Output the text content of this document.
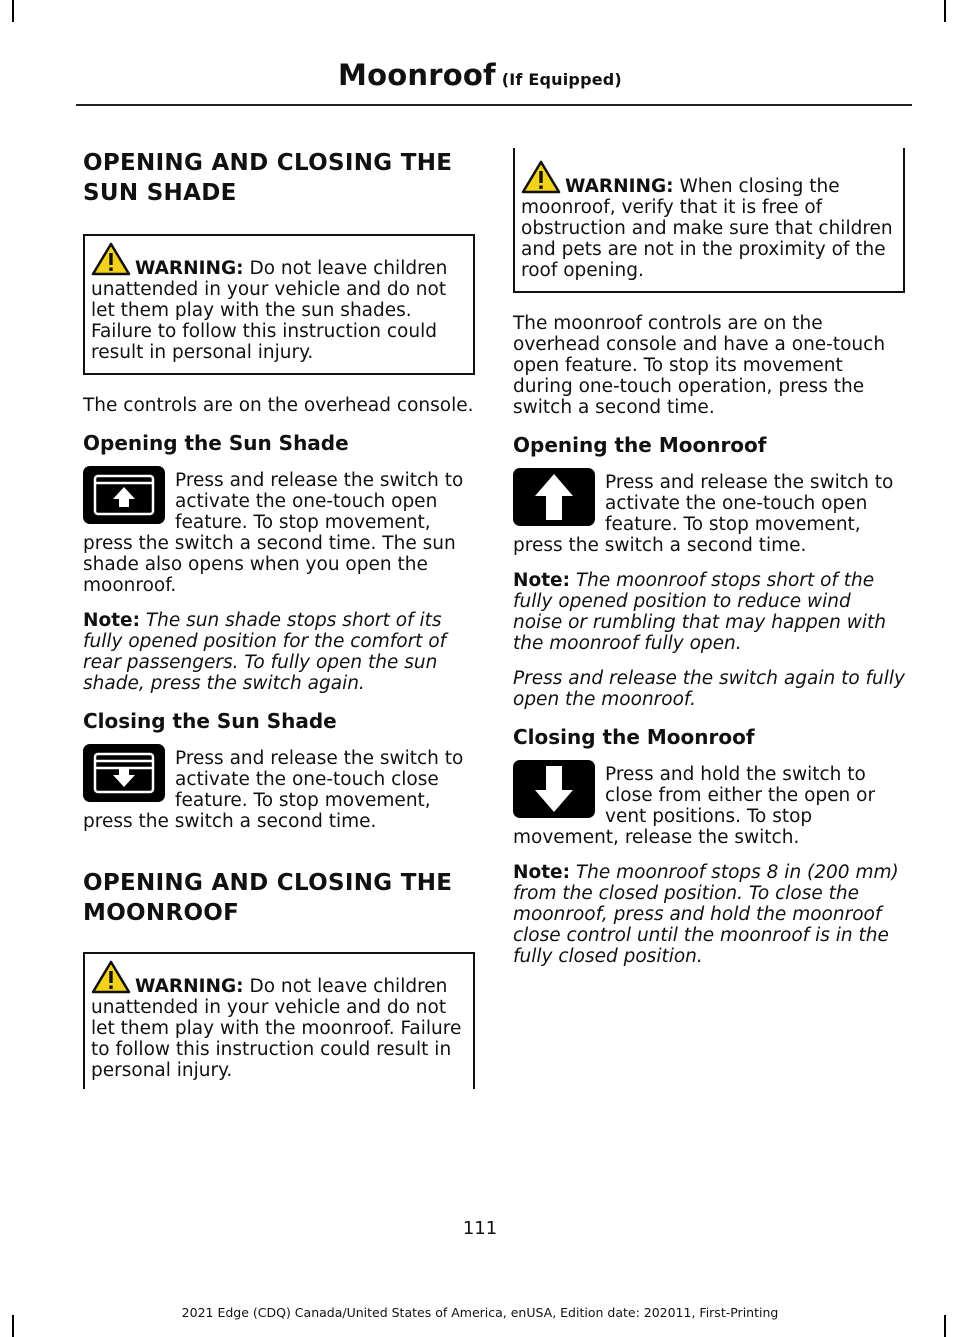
Moonroof (If Equipped)
OPENING AND CLOSING THE
SUN SHADE
WARNING: Do not leave children unattended in your vehicle and do not let them play with the sun shades. Failure to follow this instruction could result in personal injury.

The controls are on the overhead console.

Opening the Sun Shade

Press and release the switch to activate the one-touch open feature. To stop movement, press the switch a second time. The sun shade also opens when you open the moonroof.

Note: The sun shade stops short of its fully opened position for the comfort of rear passengers. To fully open the sun shade, press the switch again.

Closing the Sun Shade

Press and release the switch to activate the one-touch close feature. To stop movement, press the switch a second time.

OPENING AND CLOSING THE
MOONROOF
WARNING: Do not leave children unattended in your vehicle and do not let them play with the moonroof. Failure to follow this instruction could result in personal injury.
WARNING: When closing the moonroof, verify that it is free of obstruction and make sure that children and pets are not in the proximity of the roof opening.

The moonroof controls are on the overhead console and have a one-touch open feature. To stop its movement during one-touch operation, press the switch a second time.

Opening the Moonroof

Press and release the switch to activate the one-touch open feature. To stop movement, press the switch a second time.

Note: The moonroof stops short of the fully opened position to reduce wind noise or rumbling that may happen with the moonroof fully open.

Press and release the switch again to fully open the moonroof.

Closing the Moonroof

Press and hold the switch to close from either the open or vent positions. To stop movement, release the switch.

Note: The moonroof stops 8 in (200 mm) from the closed position. To close the moonroof, press and hold the moonroof close control until the moonroof is in the fully closed position.

111
2021 Edge (CDQ) Canada/United States of America, enUSA, Edition date: 202011, First-Printing
